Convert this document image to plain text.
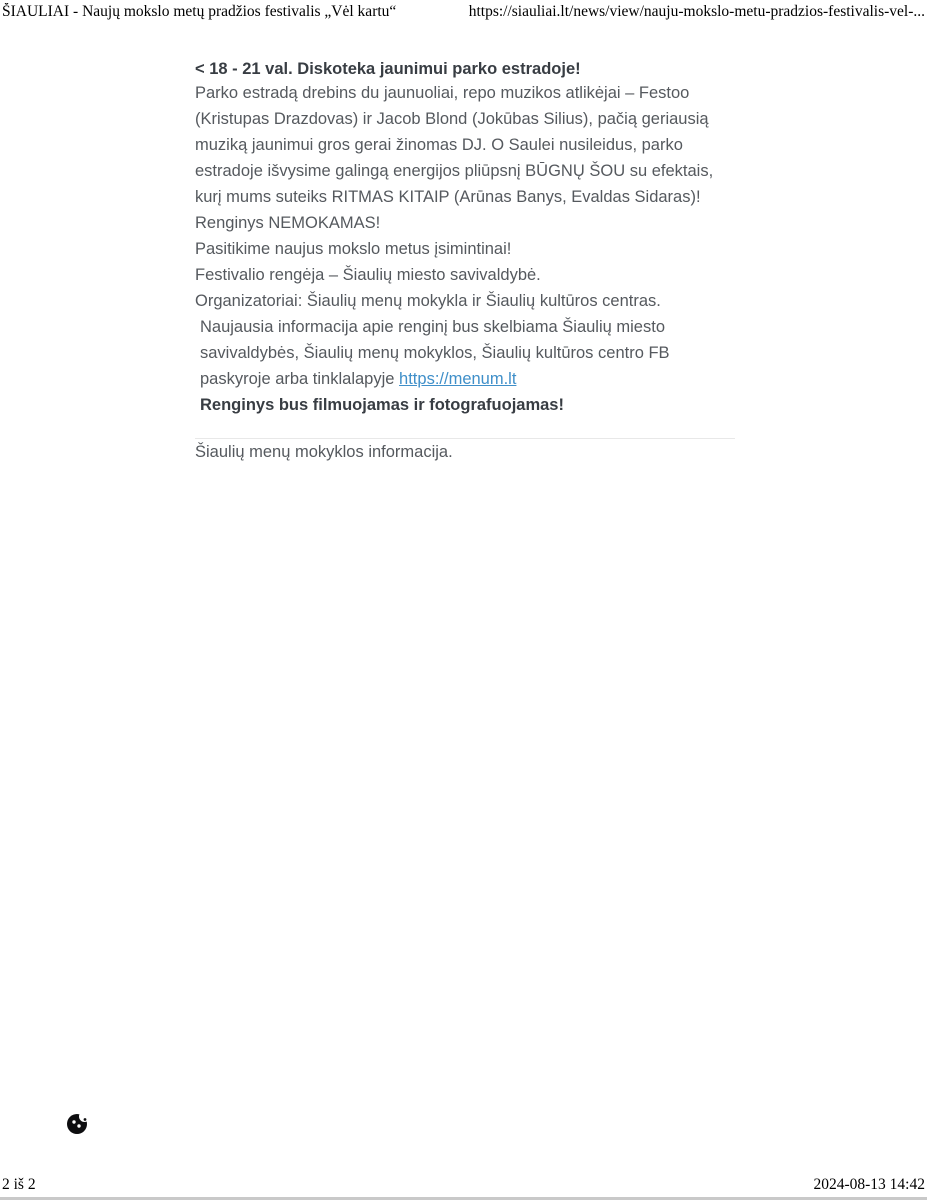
ŠIAULIAI - Naujų mokslo metų pradžios festivalis „Vėl kartu“	https://siauliai.lt/news/view/nauju-mokslo-metu-pradzios-festivalis-vel-...
< 18 - 21 val. Diskoteka jaunimui parko estradoje!

Parko estradą drebins du jaunuoliai, repo muzikos atlikėjai – Festoo (Kristupas Drazdovas) ir Jacob Blond (Jokūbas Silius), pačią geriausią muziką jaunimui gros gerai žinomas DJ. O Saulei nusileidus, parko estradoje išvysime galingą energijos pliūpsnį BŪGNŲ ŠOU su efektais, kurį mums suteiks RITMAS KITAIP (Arūnas Banys, Evaldas Sidaras)!

Renginys NEMOKAMAS!

Pasitikime naujus mokslo metus įsimintinai!

Festivalio rengėja – Šiaulių miesto savivaldybė.

Organizatoriai: Šiaulių menų mokykla ir Šiaulių kultūros centras.

Naujausia informacija apie renginį bus skelbiama Šiaulių miesto savivaldybės, Šiaulių menų mokyklos, Šiaulių kultūros centro FB paskyroje arba tinklalapyje https://menum.lt

Renginys bus filmuojamas ir fotografuojamas!

Šiaulių menų mokyklos informacija.

2 iš 2	2024-08-13 14:42
